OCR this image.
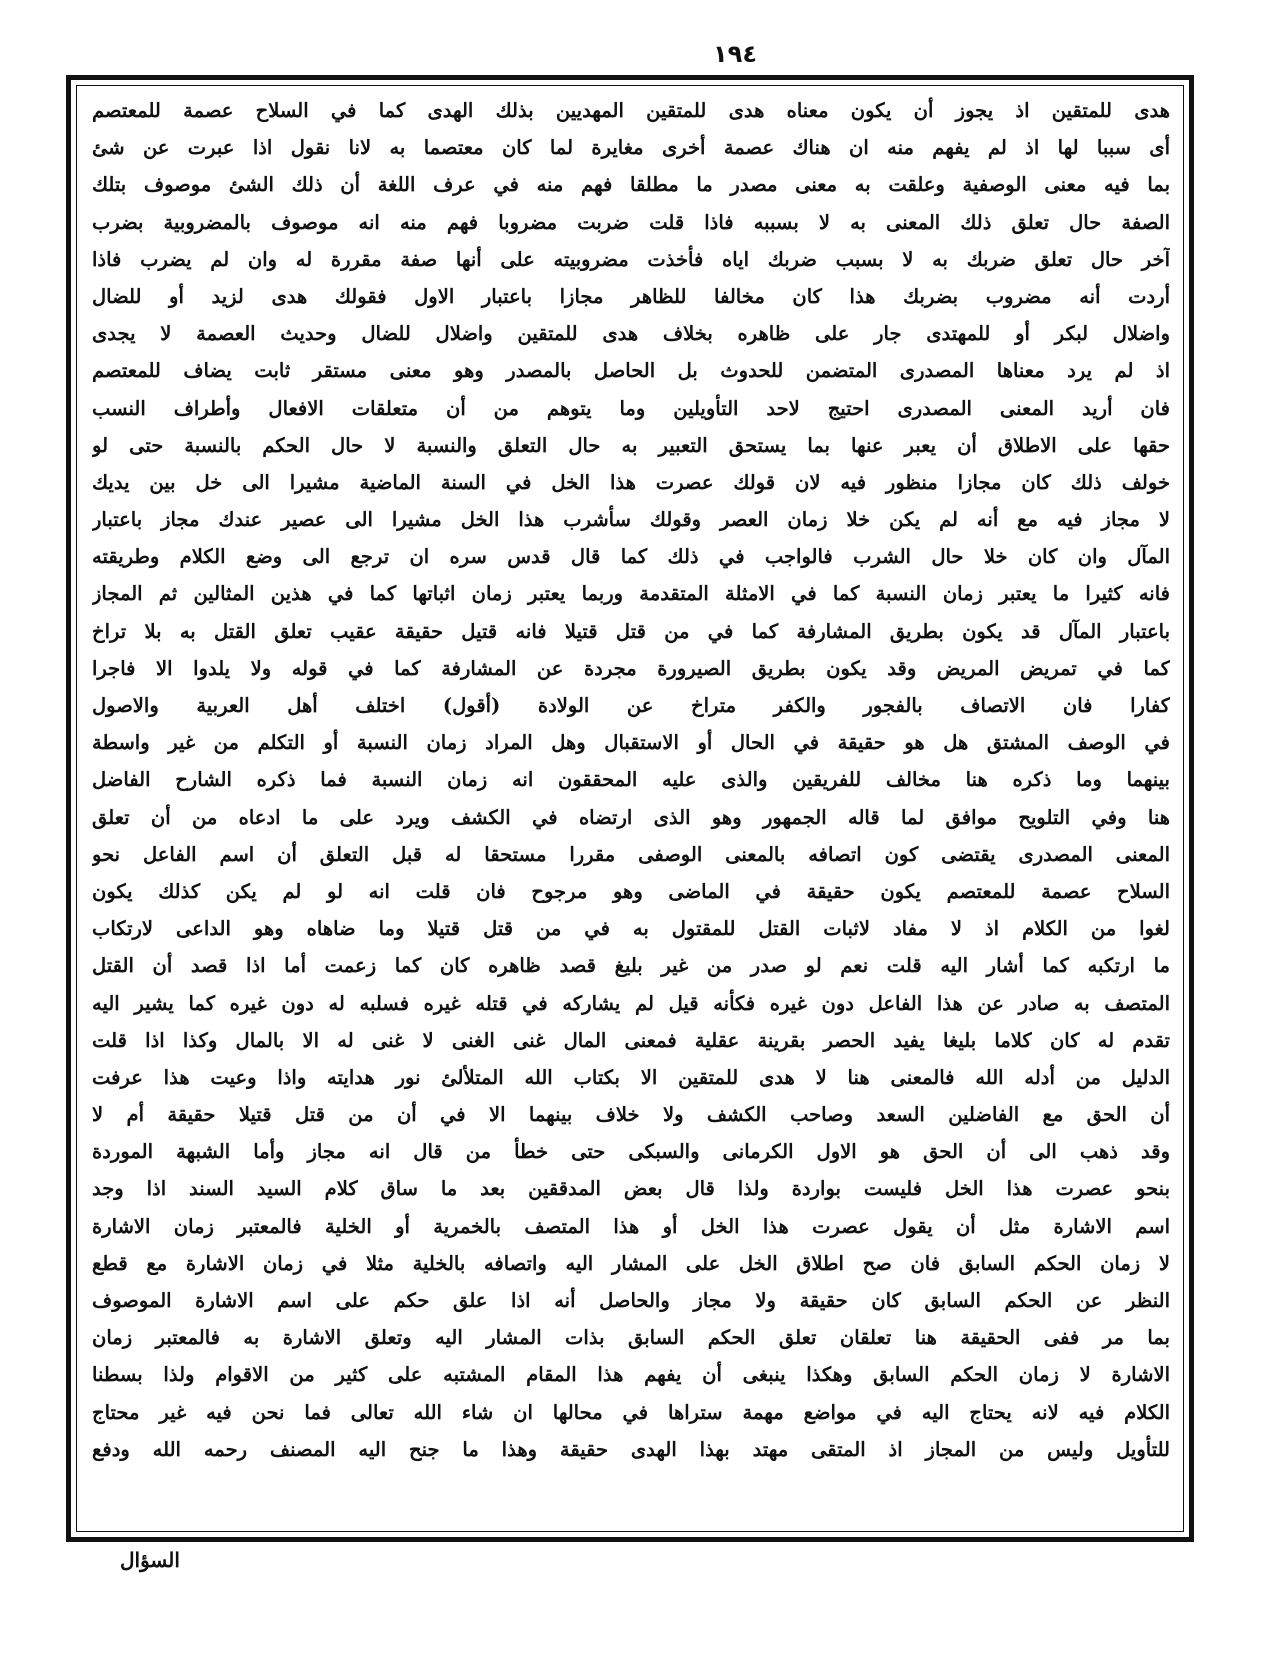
١٩٤
هدى للمتقين اذ يجوز أن يكون معناه هدى للمتقين المهديين بذلك الهدى كما في السلاح عصمة للمعتصم
أى سببا لها اذ لم يفهم منه ان هناك عصمة أخرى مغايرة لما كان معتصما به لانا نقول اذا عبرت عن شئ
بما فيه معنى الوصفية وعلقت به معنى مصدر ما مطلقا فهم منه في عرف اللغة أن ذلك الشئ موصوف بتلك
الصفة حال تعلق ذلك المعنى به لا بسببه فاذا قلت ضربت مضروبا فهم منه انه موصوف بالمضروبية بضرب
آخر حال تعلق ضربك به لا بسبب ضربك اياه فأخذت مضروبيته على أنها صفة مقررة له وان لم يضرب فاذا
أردت أنه مضروب بضربك هذا كان مخالفا للظاهر مجازا باعتبار الاول فقولك هدى لزيد أو للضال
واضلال لبكر أو للمهتدى جار على ظاهره بخلاف هدى للمتقين واضلال للضال وحديث العصمة لا يجدى
اذ لم يرد معناها المصدرى المتضمن للحدوث بل الحاصل بالمصدر وهو معنى مستقر ثابت يضاف للمعتصم
فان أريد المعنى المصدرى احتيج لاحد التأويلين وما يتوهم من أن متعلقات الافعال وأطراف النسب
حقها على الاطلاق أن يعبر عنها بما يستحق التعبير به حال التعلق والنسبة لا حال الحكم بالنسبة حتى لو
خولف ذلك كان مجازا منظور فيه لان قولك عصرت هذا الخل في السنة الماضية مشيرا الى خل بين يديك
لا مجاز فيه مع أنه لم يكن خلا زمان العصر وقولك سأشرب هذا الخل مشيرا الى عصير عندك مجاز باعتبار
المآل وان كان خلا حال الشرب فالواجب في ذلك كما قال قدس سره ان ترجع الى وضع الكلام وطريقته
فانه كثيرا ما يعتبر زمان النسبة كما في الامثلة المتقدمة وربما يعتبر زمان اثباتها كما في هذين المثالين ثم المجاز
باعتبار المآل قد يكون بطريق المشارفة كما في من قتل قتيلا فانه قتيل حقيقة عقيب تعلق القتل به بلا تراخ
كما في تمريض المريض وقد يكون بطريق الصيرورة مجردة عن المشارفة كما في قوله ولا يلدوا الا فاجرا
كفارا فان الاتصاف بالفجور والكفر متراخ عن الولادة (أقول) اختلف أهل العربية والاصول
في الوصف المشتق هل هو حقيقة في الحال أو الاستقبال وهل المراد زمان النسبة أو التكلم من غير واسطة
بينهما وما ذكره هنا مخالف للفريقين والذى عليه المحققون انه زمان النسبة فما ذكره الشارح الفاضل
هنا وفي التلويح موافق لما قاله الجمهور وهو الذى ارتضاه في الكشف ويرد على ما ادعاه من أن تعلق
المعنى المصدرى يقتضى كون اتصافه بالمعنى الوصفى مقررا مستحقا له قبل التعلق أن اسم الفاعل نحو
السلاح عصمة للمعتصم يكون حقيقة في الماضى وهو مرجوح فان قلت انه لو لم يكن كذلك يكون
لغوا من الكلام اذ لا مفاد لاثبات القتل للمقتول به في من قتل قتيلا وما ضاهاه وهو الداعى لارتكاب
ما ارتكبه كما أشار اليه قلت نعم لو صدر من غير بليغ قصد ظاهره كان كما زعمت أما اذا قصد أن القتل
المتصف به صادر عن هذا الفاعل دون غيره فكأنه قيل لم يشاركه في قتله غيره فسلبه له دون غيره كما يشير اليه
تقدم له كان كلاما بليغا يفيد الحصر بقرينة عقلية فمعنى المال غنى الغنى لا غنى له الا بالمال وكذا اذا قلت
الدليل من أدله الله فالمعنى هنا لا هدى للمتقين الا بكتاب الله المتلألئ نور هدايته واذا وعيت هذا عرفت
أن الحق مع الفاضلين السعد وصاحب الكشف ولا خلاف بينهما الا في أن من قتل قتيلا حقيقة أم لا
وقد ذهب الى أن الحق هو الاول الكرمانى والسبكى حتى خطأ من قال انه مجاز وأما الشبهة الموردة
بنحو عصرت هذا الخل فليست بواردة ولذا قال بعض المدققين بعد ما ساق كلام السيد السند اذا وجد
اسم الاشارة مثل أن يقول عصرت هذا الخل أو هذا المتصف بالخمرية أو الخلية فالمعتبر زمان الاشارة
لا زمان الحكم السابق فان صح اطلاق الخل على المشار اليه واتصافه بالخلية مثلا في زمان الاشارة مع قطع
النظر عن الحكم السابق كان حقيقة ولا مجاز والحاصل أنه اذا علق حكم على اسم الاشارة الموصوف
بما مر ففى الحقيقة هنا تعلقان تعلق الحكم السابق بذات المشار اليه وتعلق الاشارة به فالمعتبر زمان
الاشارة لا زمان الحكم السابق وهكذا ينبغى أن يفهم هذا المقام المشتبه على كثير من الاقوام ولذا بسطنا
الكلام فيه لانه يحتاج اليه في مواضع مهمة ستراها في محالها ان شاء الله تعالى فما نحن فيه غير محتاج
للتأويل وليس من المجاز اذ المتقى مهتد بهذا الهدى حقيقة وهذا ما جنح اليه المصنف رحمه الله ودفع
السؤال
